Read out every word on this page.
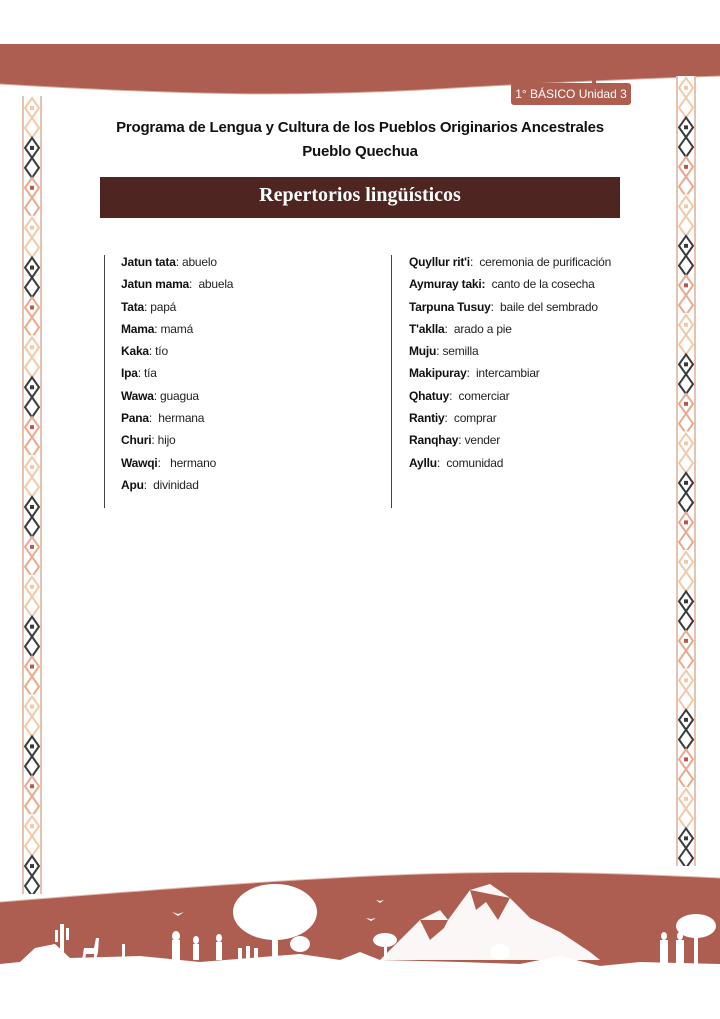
1° BÁSICO Unidad 3
Programa de Lengua y Cultura de los Pueblos Originarios Ancestrales
Pueblo Quechua
Repertorios lingüísticos
Jatun tata: abuelo
Jatun mama:  abuela
Tata: papá
Mama: mamá
Kaka: tío
Ipa: tía
Wawa: guagua
Pana:  hermana
Churi: hijo
Wawqi:   hermano
Apu:  divinidad
Quyllur rit'i:  ceremonia de purificación
Aymuray taki: canto de la cosecha
Tarpuna Tusuy:  baile del sembrado
T'aklla:  arado a pie
Muju: semilla
Makipuray:  intercambiar
Qhatuy:  comerciar
Rantiy:  comprar
Ranqhay: vender
Ayllu:  comunidad
